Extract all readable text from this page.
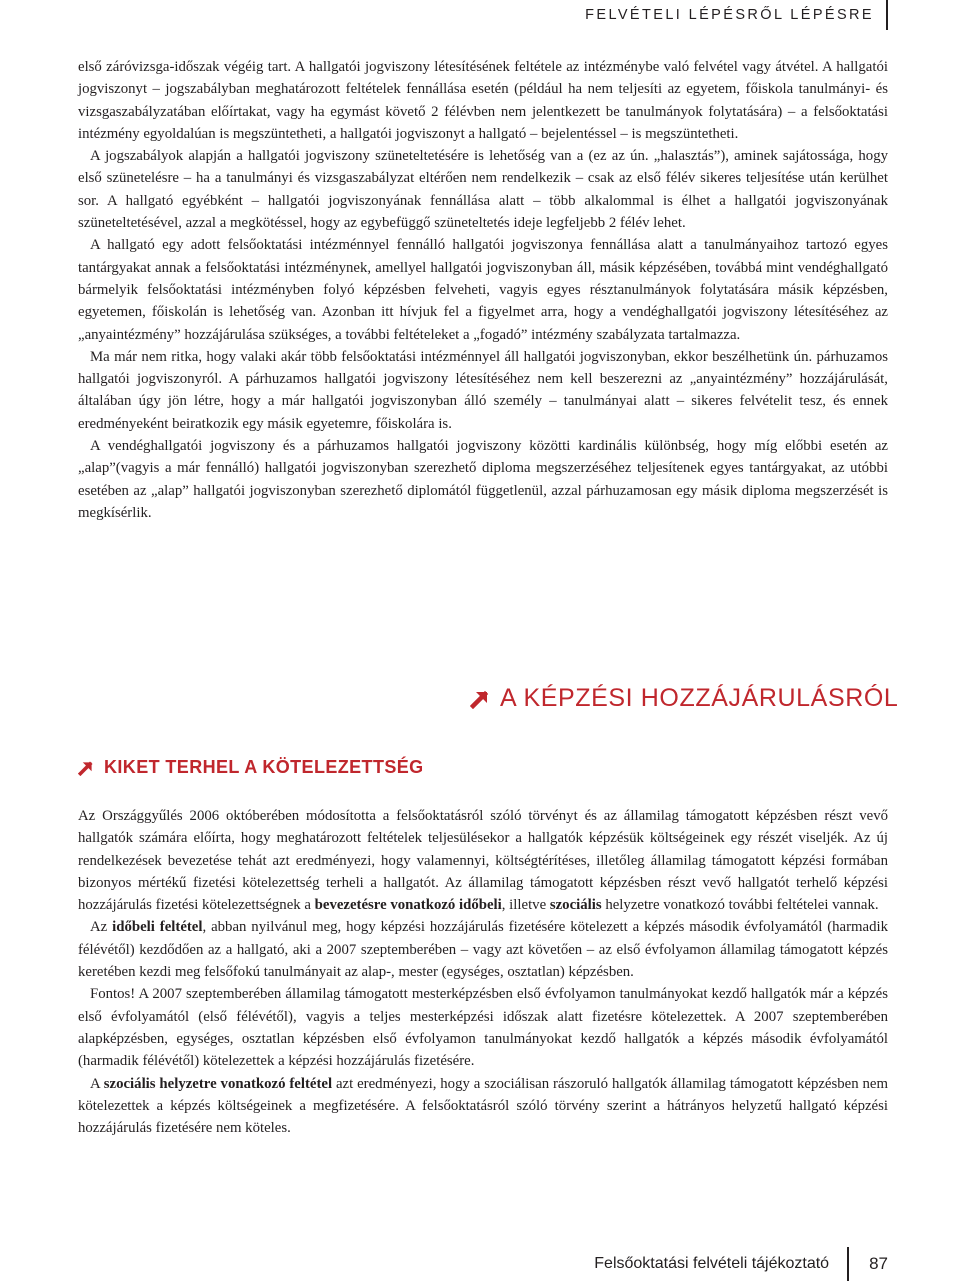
FELVÉTELI LÉPÉSRŐL LÉPÉSRE

első záróvizsga-időszak végéig tart. A hallgatói jogviszony létesítésének feltétele az intézménybe való felvétel vagy átvétel. A hallgatói jogviszonyt – jogszabályban meghatározott feltételek fennállása esetén (például ha nem teljesíti az egyetem, főiskola tanulmányi- és vizsgaszabályzatában előírtakat, vagy ha egymást követő 2 félévben nem jelentkezett be tanulmányok folytatására) – a felsőoktatási intézmény egyoldalúan is megszüntetheti, a hallgatói jogviszonyt a hallgató – bejelentéssel – is megszüntetheti.

A jogszabályok alapján a hallgatói jogviszony szüneteltetésére is lehetőség van a (ez az ún. „halasztás”), aminek sajátossága, hogy első szünetelésre – ha a tanulmányi és vizsgaszabályzat eltérően nem rendelkezik – csak az első félév sikeres teljesítése után kerülhet sor. A hallgató egyébként – hallgatói jogviszonyának fennállása alatt – több alkalommal is élhet a hallgatói jogviszonyának szüneteltetésével, azzal a megkötéssel, hogy az egybefüggő szüneteltetés ideje legfeljebb 2 félév lehet.

A hallgató egy adott felsőoktatási intézménnyel fennálló hallgatói jogviszonya fennállása alatt a tanulmányaihoz tartozó egyes tantárgyakat annak a felsőoktatási intézménynek, amellyel hallgatói jogviszonyban áll, másik képzésében, továbbá mint vendéghallgató bármelyik felsőoktatási intézményben folyó képzésben felveheti, vagyis egyes résztanulmányok folytatására másik képzésben, egyetemen, főiskolán is lehetőség van. Azonban itt hívjuk fel a figyelmet arra, hogy a vendéghallgatói jogviszony létesítéséhez az „anyaintézmény” hozzájárulása szükséges, a további feltételeket a „fogadó” intézmény szabályzata tartalmazza.

Ma már nem ritka, hogy valaki akár több felsőoktatási intézménnyel áll hallgatói jogviszonyban, ekkor beszélhetünk ún. párhuzamos hallgatói jogviszonyról. A párhuzamos hallgatói jogviszony létesítéséhez nem kell beszerezni az „anyaintézmény” hozzájárulását, általában úgy jön létre, hogy a már hallgatói jogviszonyban álló személy – tanulmányai alatt – sikeres felvételit tesz, és ennek eredményeként beiratkozik egy másik egyetemre, főiskolára is.

A vendéghallgatói jogviszony és a párhuzamos hallgatói jogviszony közötti kardinális különbség, hogy míg előbbi esetén az „alap”(vagyis a már fennálló) hallgatói jogviszonyban szerezhető diploma megszerzéséhez teljesítenek egyes tantárgyakat, az utóbbi esetében az „alap” hallgatói jogviszonyban szerezhető diplomától függetlenül, azzal párhuzamosan egy másik diploma megszerzését is megkísérlik.

A KÉPZÉSI HOZZÁJÁRULÁSRÓL
KIKET TERHEL A KÖTELEZETTSÉG

Az Országgyűlés 2006 októberében módosította a felsőoktatásról szóló törvényt és az államilag támogatott képzésben részt vevő hallgatók számára előírta, hogy meghatározott feltételek teljesülésekor a hallgatók képzésük költségeinek egy részét viseljék. Az új rendelkezések bevezetése tehát azt eredményezi, hogy valamennyi, költségtérítéses, illetőleg államilag támogatott képzési formában bizonyos mértékű fizetési kötelezettség terheli a hallgatót. Az államilag támogatott képzésben részt vevő hallgatót terhelő képzési hozzájárulás fizetési kötelezettségnek a bevezetésre vonatkozó időbeli, illetve szociális helyzetre vonatkozó további feltételei vannak.

Az időbeli feltétel, abban nyilvánul meg, hogy képzési hozzájárulás fizetésére kötelezett a képzés második évfolyamától (harmadik félévétől) kezdődően az a hallgató, aki a 2007 szeptemberében – vagy azt követően – az első évfolyamon államilag támogatott képzés keretében kezdi meg felsőfokú tanulmányait az alap-, mester (egységes, osztatlan) képzésben.

Fontos! A 2007 szeptemberében államilag támogatott mesterképzésben első évfolyamon tanulmányokat kezdő hallgatók már a képzés első évfolyamától (első félévétől), vagyis a teljes mesterképzési időszak alatt fizetésre kötelezettek. A 2007 szeptemberében alapképzésben, egységes, osztatlan képzésben első évfolyamon tanulmányokat kezdő hallgatók a képzés második évfolyamától (harmadik félévétől) kötelezettek a képzési hozzájárulás fizetésére.

A szociális helyzetre vonatkozó feltétel azt eredményezi, hogy a szociálisan rászoruló hallgatók államilag támogatott képzésben nem kötelezettek a képzés költségeinek a megfizetésére. A felsőoktatásról szóló törvény szerint a hátrányos helyzetű hallgató képzési hozzájárulás fizetésére nem köteles.

Felsőoktatási felvételi tájékoztató	87
